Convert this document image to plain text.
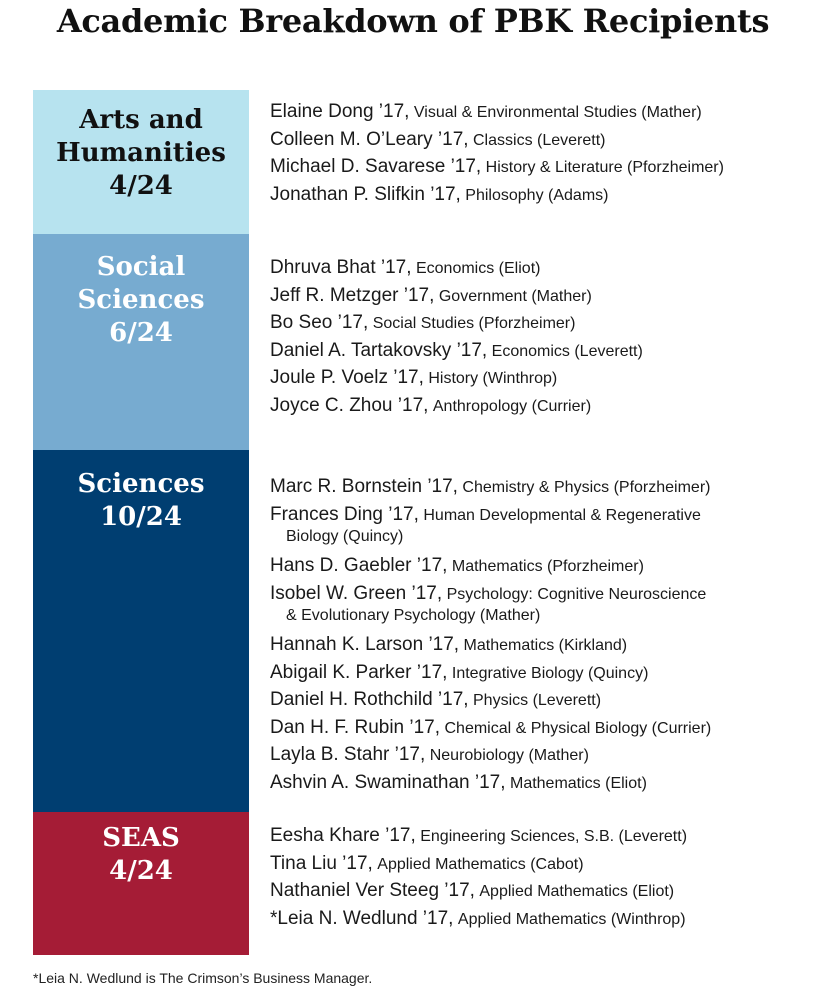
Academic Breakdown of PBK Recipients
Arts and
Humanities
4/24
Elaine Dong ’17, Visual & Environmental Studies (Mather)
Colleen M. O’Leary ’17, Classics (Leverett)
Michael D. Savarese ’17, History & Literature (Pforzheimer)
Jonathan P. Slifkin ’17, Philosophy (Adams)
Social
Sciences
6/24
Dhruva Bhat ’17, Economics (Eliot)
Jeff R. Metzger ’17, Government (Mather)
Bo Seo ’17, Social Studies (Pforzheimer)
Daniel A. Tartakovsky ’17, Economics (Leverett)
Joule P. Voelz ’17, History (Winthrop)
Joyce C. Zhou ’17, Anthropology (Currier)
Sciences
10/24
Marc R. Bornstein ’17, Chemistry & Physics (Pforzheimer)
Frances Ding ’17, Human Developmental & Regenerative
Biology (Quincy)
Hans D. Gaebler ’17, Mathematics (Pforzheimer)
Isobel W. Green ’17, Psychology: Cognitive Neuroscience
& Evolutionary Psychology (Mather)
Hannah K. Larson ’17, Mathematics (Kirkland)
Abigail K. Parker ’17, Integrative Biology (Quincy)
Daniel H. Rothchild ’17, Physics (Leverett)
Dan H. F. Rubin ’17, Chemical & Physical Biology (Currier)
Layla B. Stahr ’17, Neurobiology (Mather)
Ashvin A. Swaminathan ’17, Mathematics (Eliot)
SEAS
4/24
Eesha Khare ’17, Engineering Sciences, S.B. (Leverett)
Tina Liu ’17, Applied Mathematics (Cabot)
Nathaniel Ver Steeg ’17, Applied Mathematics (Eliot)
*Leia N. Wedlund ’17, Applied Mathematics (Winthrop)
*Leia N. Wedlund is The Crimson’s Business Manager.
